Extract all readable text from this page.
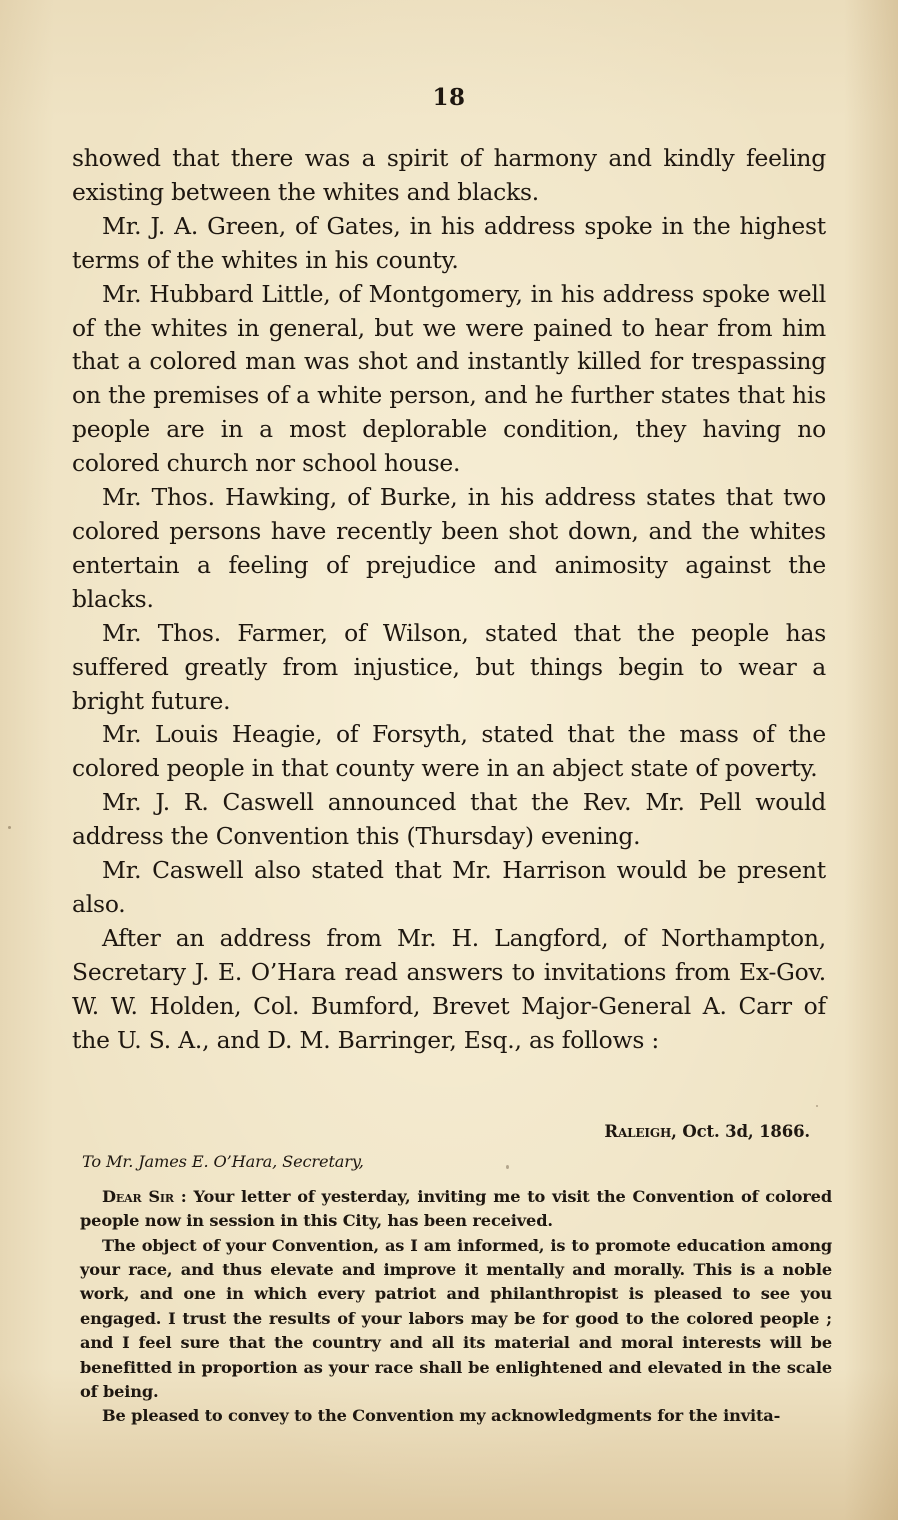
18

showed that there was a spirit of harmony and kindly feeling existing between the whites and blacks.

Mr. J. A. Green, of Gates, in his address spoke in the highest terms of the whites in his county.

Mr. Hubbard Little, of Montgomery, in his address spoke well of the whites in general, but we were pained to hear from him that a colored man was shot and instantly killed for trespassing on the premises of a white person, and he further states that his people are in a most deplorable condition, they having no colored church nor school house.

Mr. Thos. Hawking, of Burke, in his address states that two colored persons have recently been shot down, and the whites entertain a feeling of prejudice and animosity against the blacks.

Mr. Thos. Farmer, of Wilson, stated that the people has suffered greatly from injustice, but things begin to wear a bright future.

Mr. Louis Heagie, of Forsyth, stated that the mass of the colored people in that county were in an abject state of poverty.

Mr. J. R. Caswell announced that the Rev. Mr. Pell would address the Convention this (Thursday) evening.

Mr. Caswell also stated that Mr. Harrison would be present also.

After an address from Mr. H. Langford, of Northampton, Secretary J. E. O’Hara read answers to invitations from Ex-Gov. W. W. Holden, Col. Bumford, Brevet Major-General A. Carr of the U. S. A., and D. M. Barringer, Esq., as follows :

Raleigh, Oct. 3d, 1866.

To Mr. James E. O’Hara, Secretary,

Dear Sir : Your letter of yesterday, inviting me to visit the Convention of colored people now in session in this City, has been received.

The object of your Convention, as I am informed, is to promote education among your race, and thus elevate and improve it mentally and morally. This is a noble work, and one in which every patriot and philanthropist is pleased to see you engaged. I trust the results of your labors may be for good to the colored people ; and I feel sure that the country and all its material and moral interests will be benefitted in proportion as your race shall be enlightened and elevated in the scale of being.

Be pleased to convey to the Convention my acknowledgments for the invita-
